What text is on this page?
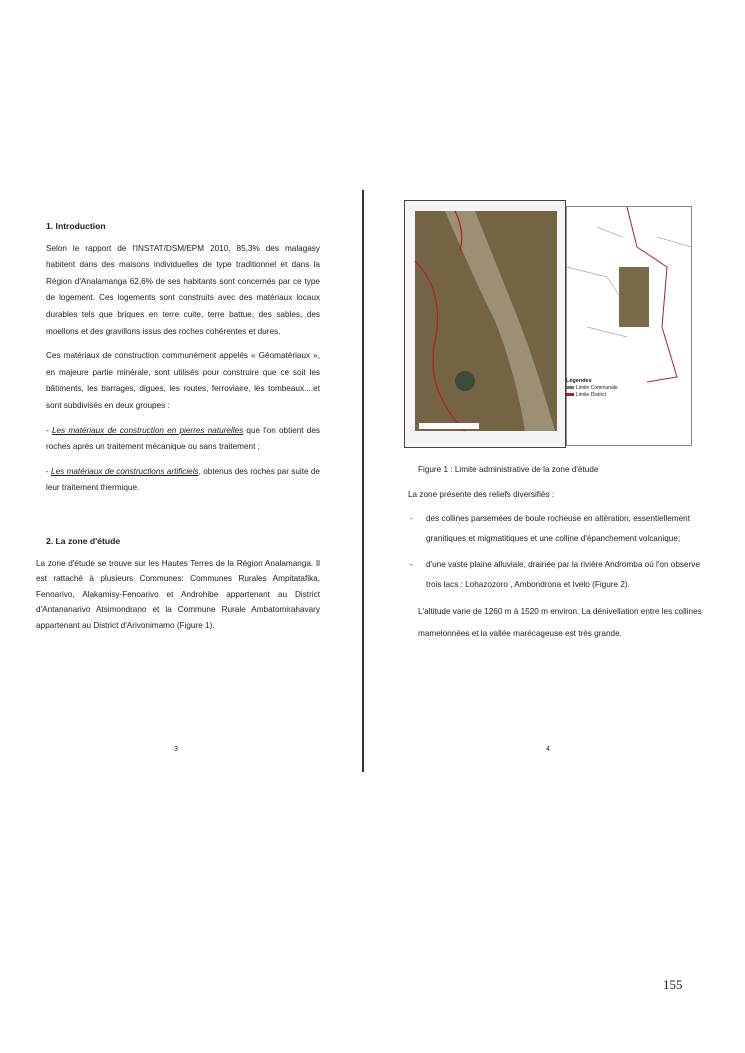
1. Introduction

Selon le rapport de l'INSTAT/DSM/EPM 2010, 85,3% des malagasy habitent dans des maisons individuelles de type traditionnel et dans la Région d'Analamanga 62,6% de ses habitants sont concernés par ce type de logement. Ces logements sont construits avec des matériaux locaux durables tels que briques en terre cuite, terre battue, des sables, des moellons et des gravillons issus des roches cohérentes et dures.

Ces matériaux de construction communément appelés « Géomatériaux », en majeure partie minérale, sont utilisés pour construire que ce soit les bâtiments, les barrages, digues, les routes, ferroviaire, les tombeaux....et sont subdivisés en deux groupes :

- Les matériaux de construction en pierres naturelles que l'on obtient des roches après un traitement mécanique ou sans traitement ;

- Les matériaux de constructions artificiels, obtenus des roches par suite de leur traitement thermique.

2. La zone d'étude

La zone d'étude se trouve sur les Hautes Terres de la Région Analamanga. Il est rattaché à plusieurs Communes: Communes Rurales Ampitatafika, Fenoarivo, Alakamisy-Fenoarivo et Androhibe appartenant au District d'Antananarivo Atsimondrano et la Commune Rurale Ambatomirahavary appartenant au District d'Arivonimamo (Figure 1).

3
Légendes
Limite Communale
Limite District
Figure 1 : Limite administrative de la zone d'étude
La zone présente des reliefs diversifiés :
- des collines parsemées de boule rocheuse en altération, essentiellement granitiques et migmatitiques et une colline d'épanchement volcanique;
- d'une vaste plaine alluviale, drainée par la rivière Andromba où l'on observe trois lacs : Lohazozoro , Ambondrona et Ivelo (Figure 2).
L'altitude varie de 1260 m à 1520 m environ. La dénivellation entre les collines mamelonnées et la vallée marécageuse est très grande.
4
155
